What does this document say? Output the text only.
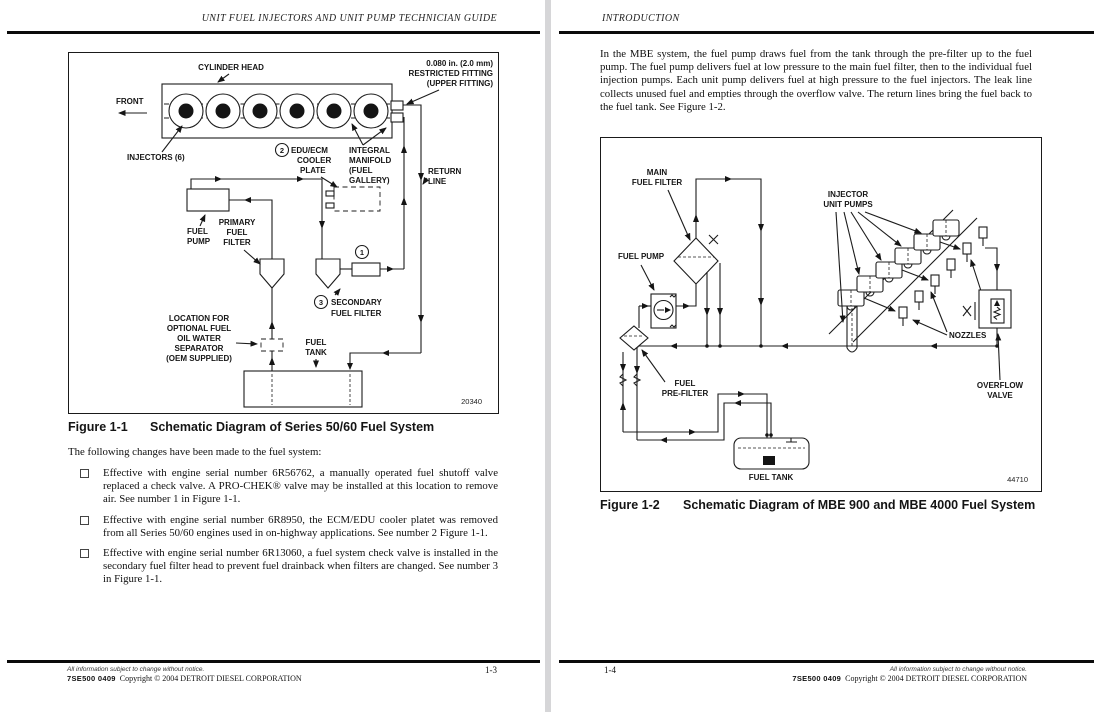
UNIT FUEL INJECTORS AND UNIT PUMP TECHNICIAN GUIDE
CYLINDER HEAD
FRONT
0.080 in. (2.0 mm)
RESTRICTED FITTING
(UPPER FITTING)
INJECTORS (6)
2 EDU/ECM
COOLER
PLATE
INTEGRAL
MANIFOLD
(FUEL
GALLERY)
RETURN
LINE
FUEL
PUMP
PRIMARY
FUEL
FILTER
1
3 SECONDARY
FUEL FILTER
LOCATION FOR
OPTIONAL FUEL
OIL WATER
SEPARATOR
(OEM SUPPLIED)
FUEL
TANK
20340
Figure 1-1 Schematic Diagram of Series 50/60 Fuel System
The following changes have been made to the fuel system:

Effective with engine serial number 6R56762, a manually operated fuel shutoff valve replaced a check valve. A PRO-CHEK® valve may be installed at this location to remove air. See number 1 in Figure 1-1.

Effective with engine serial number 6R8950, the ECM/EDU cooler platet was removed from all Series 50/60 engines used in on-highway applications. See number 2 Figure 1-1.

Effective with engine serial number 6R13060, a fuel system check valve is installed in the secondary fuel filter head to prevent fuel drainback when filters are changed. See number 3 in Figure 1-1.

All information subject to change without notice.
7SE500 0409 Copyright © 2004 DETROIT DIESEL CORPORATION
1-3
INTRODUCTION
In the MBE system, the fuel pump draws fuel from the tank through the pre-filter up to the fuel pump. The fuel pump delivers fuel at low pressure to the main fuel filter, then to the individual fuel injection pumps. Each unit pump delivers fuel at high pressure to the fuel injectors. The leak line collects unused fuel and empties through the overflow valve. The return lines bring the fuel back to the fuel tank. See Figure 1-2.
MAIN
FUEL FILTER
FUEL PUMP
FUEL
PRE-FILTER
INJECTOR
UNIT PUMPS
NOZZLES
OVERFLOW
VALVE
FUEL TANK	44710
Figure 1-2 Schematic Diagram of MBE 900 and MBE 4000 Fuel System
1-4	All information subject to change without notice.
7SE500 0409 Copyright © 2004 DETROIT DIESEL CORPORATION
